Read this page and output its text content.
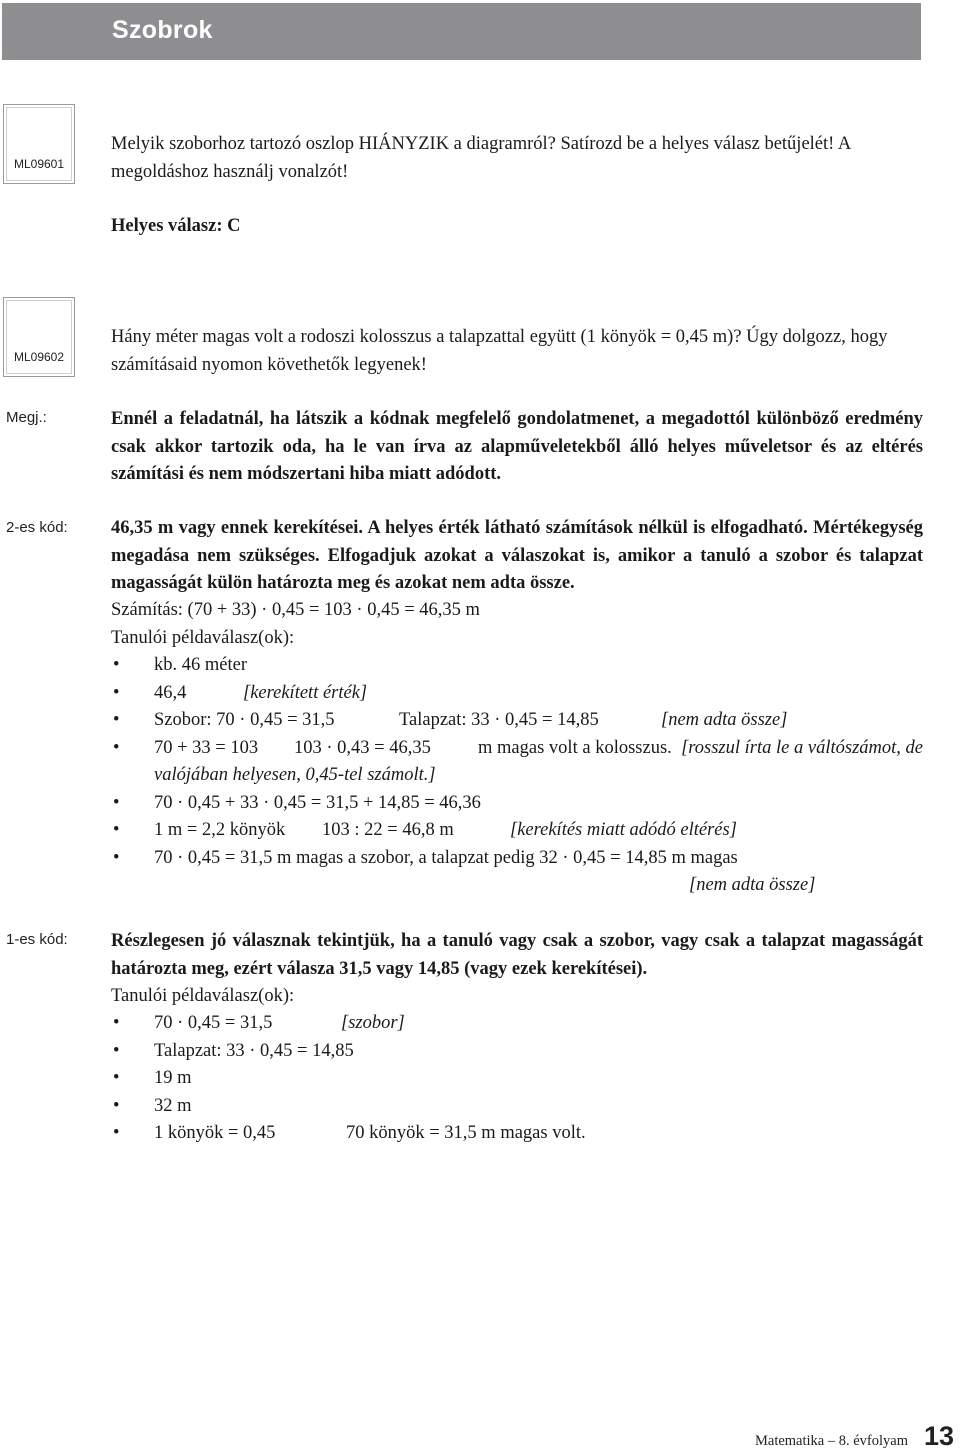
Szobrok
ML09601

Melyik szoborhoz tartozó oszlop HIÁNYZIK a diagramról? Satírozd be a helyes válasz betűjelét! A megoldáshoz használj vonalzót!

Helyes válasz: C

ML09602

Hány méter magas volt a rodoszi kolosszus a talapzattal együtt (1 könyök = 0,45 m)? Úgy dolgozz, hogy számításaid nyomon követhetők legyenek!

Megj.:	Ennél a feladatnál, ha látszik a kódnak megfelelő gondolatmenet, a megadottól különböző eredmény csak akkor tartozik oda, ha le van írva az alapműveletekből álló helyes műveletsor és az eltérés számítási és nem módszertani hiba miatt adódott.

2-es kód: 46,35 m vagy ennek kerekítései. A helyes érték látható számítások nélkül is elfogadható. Mértékegység megadása nem szükséges. Elfogadjuk azokat a válaszokat is, amikor a tanuló a szobor és talapzat magasságát külön határozta meg és azokat nem adta össze.

Számítás: (70 + 33) · 0,45 = 103 · 0,45 = 46,35 m

Tanulói példaválasz(ok):

• kb. 46 méter
• 46,4	[kerekített érték]
• Szobor: 70 · 0,45 = 31,5	Talapzat: 33 · 0,45 = 14,85	[nem adta össze]
• 70 + 33 = 103 103 · 0,43 = 46,35	m magas volt a kolosszus. [rosszul írta le a váltószámot, de valójában helyesen, 0,45-tel számolt.]
• 70 · 0,45 + 33 · 0,45 = 31,5 + 14,85 = 46,36
• 1 m = 2,2 könyök 103 : 22 = 46,8 m	[kerekítés miatt adódó eltérés]
• 70 · 0,45 = 31,5 m magas a szobor, a talapzat pedig 32 · 0,45 = 14,85 m magas
[nem adta össze]
1-es kód: Részlegesen jó válasznak tekintjük, ha a tanuló vagy csak a szobor, vagy csak a talapzat magasságát határozta meg, ezért válasza 31,5 vagy 14,85 (vagy ezek kerekítései).

Tanulói példaválasz(ok):

• 70 · 0,45 = 31,5	[szobor]
• Talapzat: 33 · 0,45 = 14,85
• 19 m
• 32 m
• 1 könyök = 0,45	70 könyök = 31,5 m magas volt.
Matematika – 8. évfolyam 13
